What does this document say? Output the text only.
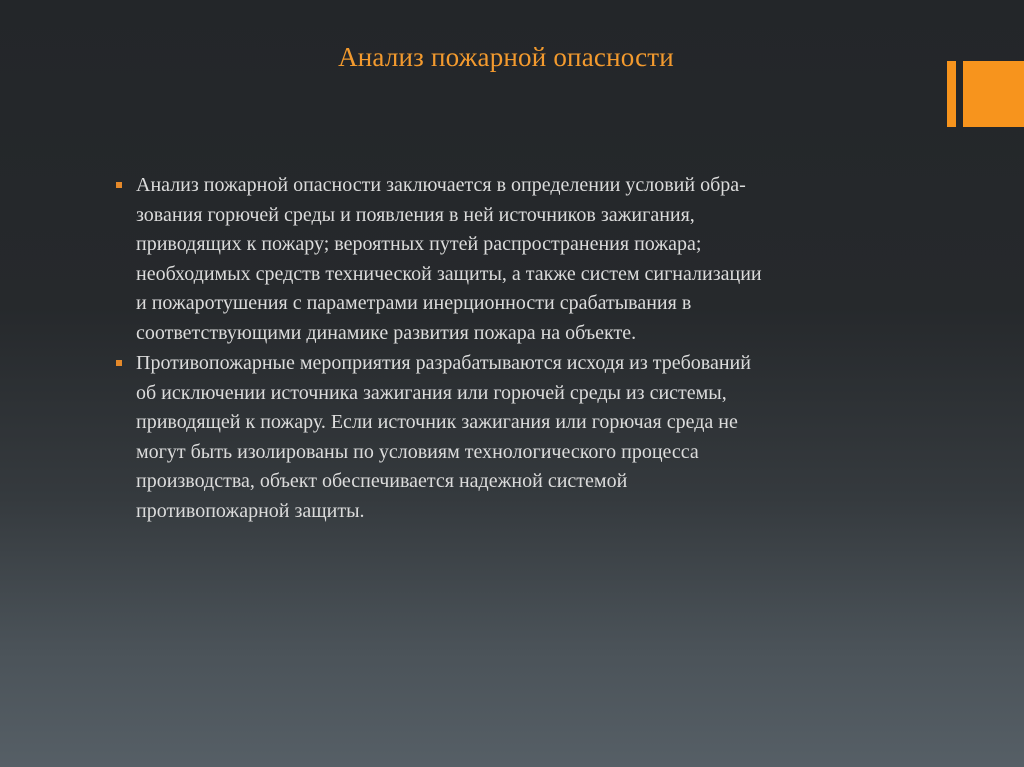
Анализ пожарной опасности
Анализ пожарной опасности заключается в определении условий обра-
зования горючей среды и появления в ней источников зажигания,
приводящих к пожару; вероятных путей распространения пожара;
необходимых средств технической защиты, а также систем сигнализации
и пожаротушения с параметрами инерционности срабатывания в
соответствующими динамике развития пожара на объекте.
Противопожарные мероприятия разрабатываются исходя из требований
об исключении источника зажигания или горючей среды из системы,
приводящей к пожару. Если источник зажигания или горючая среда не
могут быть изолированы по условиям технологического процесса
производства, объект обеспечивается надежной системой
противопожарной защиты.
